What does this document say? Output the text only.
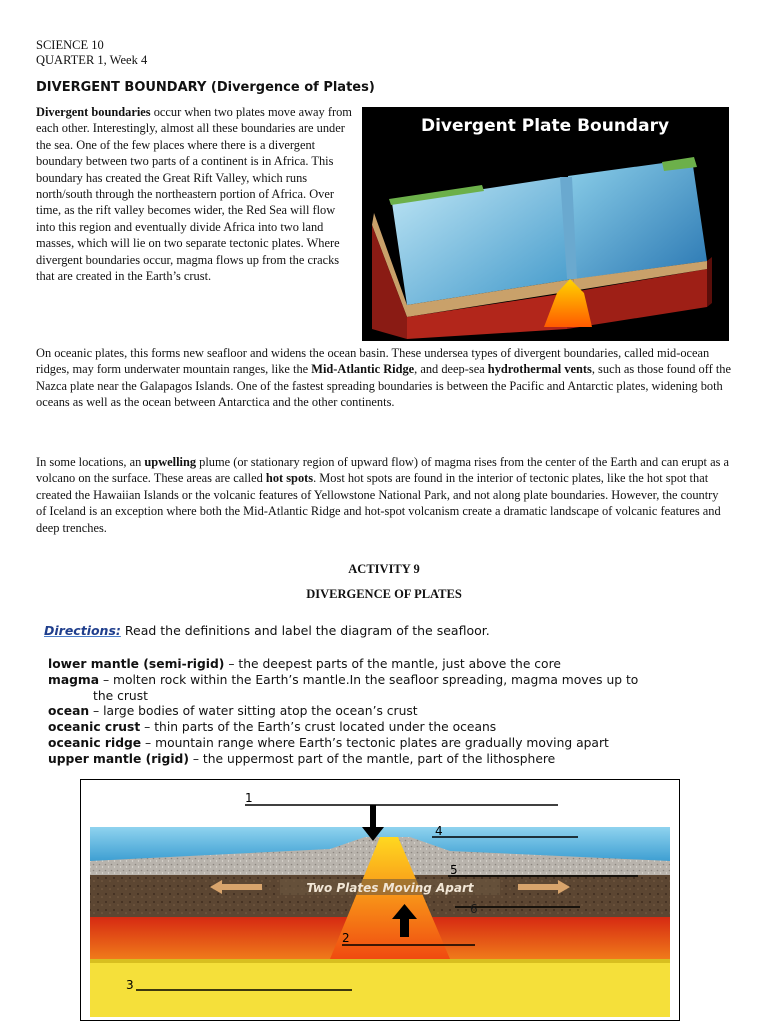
SCIENCE 10
QUARTER 1, Week 4
DIVERGENT BOUNDARY (Divergence of Plates)
Divergent boundaries occur when two plates move away from each other. Interestingly, almost all these boundaries are under the sea. One of the few places where there is a divergent boundary between two parts of a continent is in Africa. This boundary has created the Great Rift Valley, which runs north/south through the northeastern portion of Africa. Over time, as the rift valley becomes wider, the Red Sea will flow into this region and eventually divide Africa into two land masses, which will lie on two separate tectonic plates. Where divergent boundaries occur, magma flows up from the cracks that are created in the Earth’s crust.
Divergent Plate Boundary
On oceanic plates, this forms new seafloor and widens the ocean basin. These undersea types of divergent boundaries, called mid-ocean ridges, may form underwater mountain ranges, like the Mid-Atlantic Ridge, and deep-sea hydrothermal vents, such as those found off the Nazca plate near the Galapagos Islands. One of the fastest spreading boundaries is between the Pacific and Antarctic plates, widening both oceans as well as the ocean between Antarctica and the other continents.
In some locations, an upwelling plume (or stationary region of upward flow) of magma rises from the center of the Earth and can erupt as a volcano on the surface. These areas are called hot spots. Most hot spots are found in the interior of tectonic plates, like the hot spot that created the Hawaiian Islands or the volcanic features of Yellowstone National Park, and not along plate boundaries. However, the country of Iceland is an exception where both the Mid-Atlantic Ridge and hot-spot volcanism create a dramatic landscape of volcanic features and deep trenches.
ACTIVITY 9
DIVERGENCE OF PLATES
Directions: Read the definitions and label the diagram of the seafloor.
lower mantle (semi-rigid) – the deepest parts of the mantle, just above the core
magma – molten rock within the Earth’s mantle.In the seafloor spreading, magma moves up to
the crust
ocean – large bodies of water sitting atop the ocean’s crust
oceanic crust – thin parts of the Earth’s crust located under the oceans
oceanic ridge – mountain range where Earth’s tectonic plates are gradually moving apart
upper mantle (rigid) – the uppermost part of the mantle, part of the lithosphere
Two Plates Moving Apart
1
4
5
6
2
3
